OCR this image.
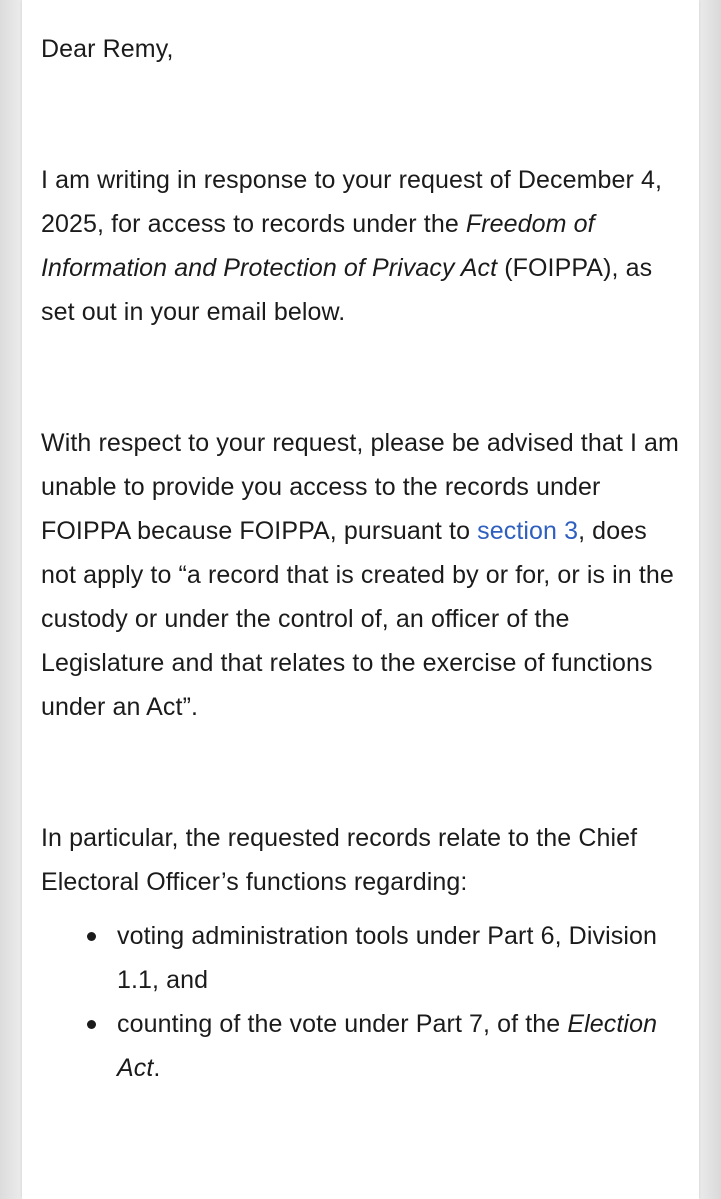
Dear Remy,

I am writing in response to your request of December 4, 2025, for access to records under the Freedom of Information and Protection of Privacy Act (FOIPPA), as set out in your email below.

With respect to your request, please be advised that I am unable to provide you access to the records under FOIPPA because FOIPPA, pursuant to section 3, does not apply to “a record that is created by or for, or is in the custody or under the control of, an officer of the Legislature and that relates to the exercise of functions under an Act”.

In particular, the requested records relate to the Chief Electoral Officer’s functions regarding:

voting administration tools under Part 6, Division 1.1, and
counting of the vote under Part 7, of the Election Act.
